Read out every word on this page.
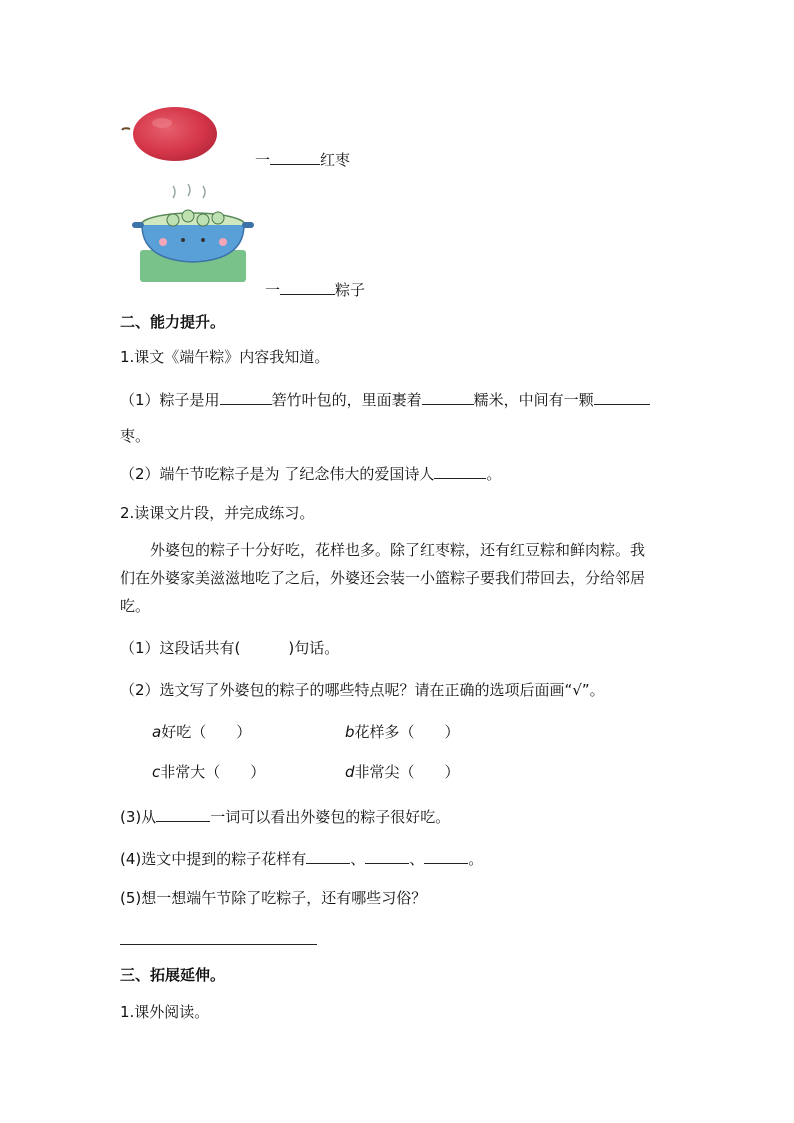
一	红枣
一	粽子
二、能力提升。
1.课文《端午粽》内容我知道。
（1）粽子是用	箬竹叶包的，里面裹着	糯米，中间有一颗
枣。
（2）端午节吃粽子是为 了纪念伟大的爱国诗人	。
2.读课文片段，并完成练习。
外婆包的粽子十分好吃，花样也多。除了红枣粽，还有红豆粽和鲜肉粽。我
们在外婆家美滋滋地吃了之后，外婆还会装一小篮粽子要我们带回去，分给邻居
吃。
（1）这段话共有(	)句话。
（2）选文写了外婆包的粽子的哪些特点呢？请在正确的选项后面画“√”。
a好吃（ ）	b花样多（ ）
c非常大（ ）	d非常尖（ ）
(3)从	一词可以看出外婆包的粽子很好吃。
(4)选文中提到的粽子花样有	、	、	。
(5)想一想端午节除了吃粽子，还有哪些习俗？
三、拓展延伸。
1.课外阅读。
